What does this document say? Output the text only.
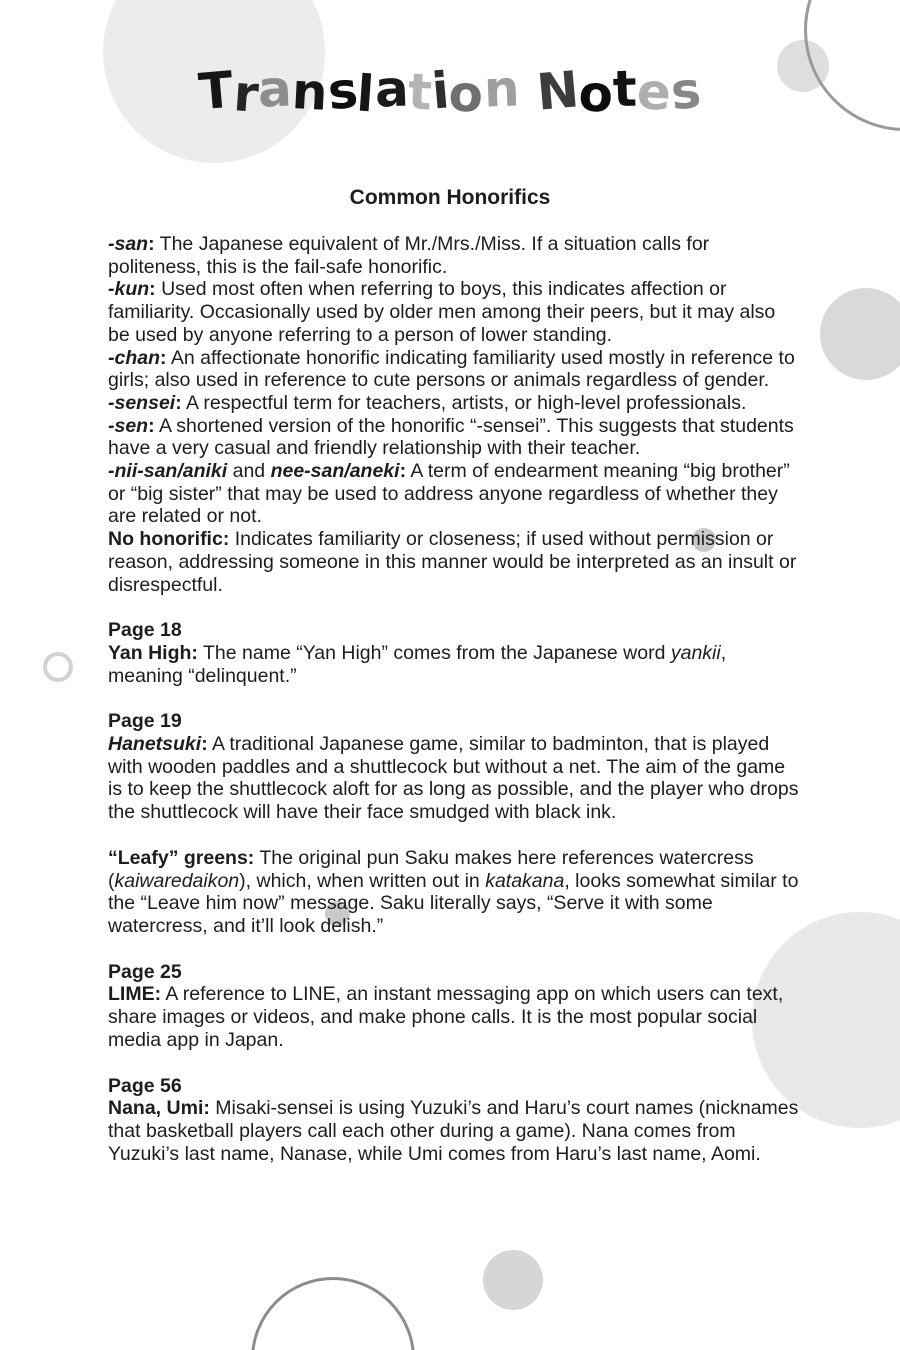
Translation Notes
Common Honorifics

-san: The Japanese equivalent of Mr./Mrs./Miss. If a situation calls for politeness, this is the fail-safe honorific.

-kun: Used most often when referring to boys, this indicates affection or familiarity. Occasionally used by older men among their peers, but it may also be used by anyone referring to a person of lower standing.

-chan: An affectionate honorific indicating familiarity used mostly in reference to girls; also used in reference to cute persons or animals regardless of gender.

-sensei: A respectful term for teachers, artists, or high-level professionals.

-sen: A shortened version of the honorific “-sensei”. This suggests that students have a very casual and friendly relationship with their teacher.

-nii-san/aniki and nee-san/aneki: A term of endearment meaning “big brother” or “big sister” that may be used to address anyone regardless of whether they are related or not.

No honorific: Indicates familiarity or closeness; if used without permission or reason, addressing someone in this manner would be interpreted as an insult or disrespectful.

Page 18

Yan High: The name “Yan High” comes from the Japanese word yankii, meaning “delinquent.”

Page 19

Hanetsuki: A traditional Japanese game, similar to badminton, that is played with wooden paddles and a shuttlecock but without a net. The aim of the game is to keep the shuttlecock aloft for as long as possible, and the player who drops the shuttlecock will have their face smudged with black ink.

“Leafy” greens: The original pun Saku makes here references watercress (kaiwaredaikon), which, when written out in katakana, looks somewhat similar to the “Leave him now” message. Saku literally says, “Serve it with some watercress, and it’ll look delish.”

Page 25

LIME: A reference to LINE, an instant messaging app on which users can text, share images or videos, and make phone calls. It is the most popular social media app in Japan.

Page 56

Nana, Umi: Misaki-sensei is using Yuzuki’s and Haru’s court names (nicknames that basketball players call each other during a game). Nana comes from Yuzuki’s last name, Nanase, while Umi comes from Haru’s last name, Aomi.
